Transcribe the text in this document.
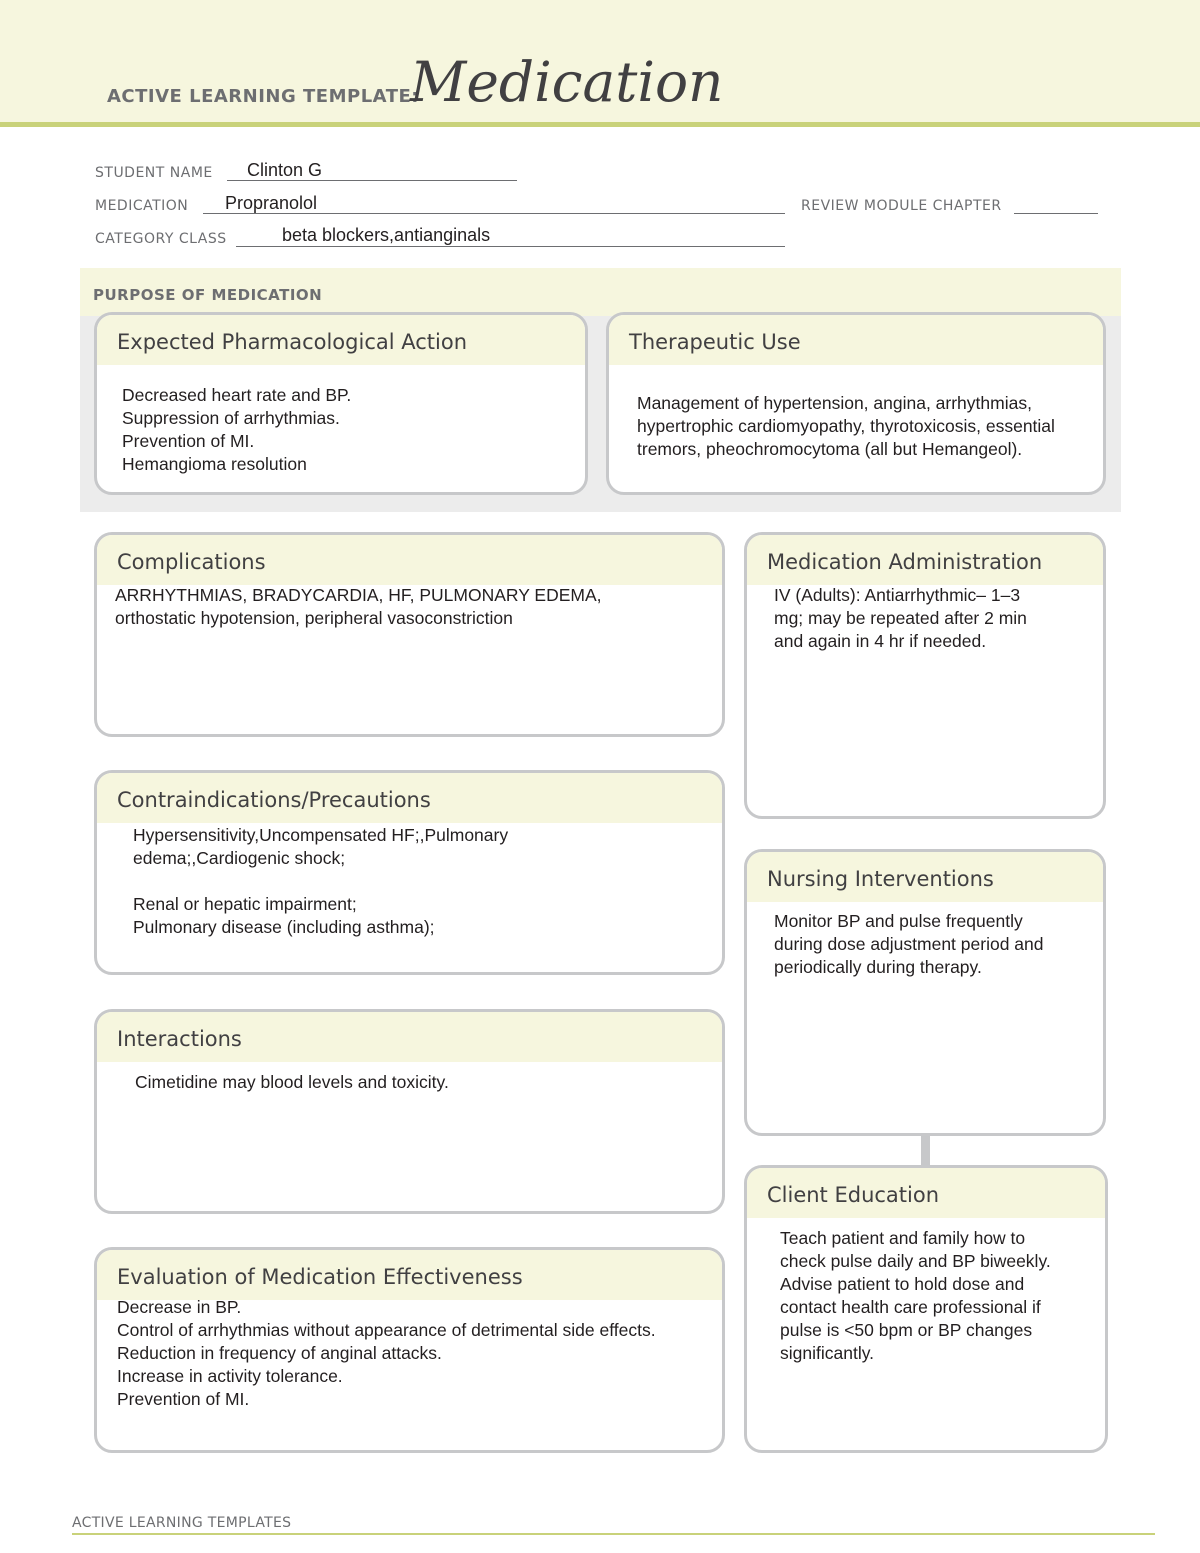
ACTIVE LEARNING TEMPLATE:
Medication
STUDENT NAME Clinton G
MEDICATION Propranolol	REVIEW MODULE CHAPTER
CATEGORY CLASS	beta blockers,antianginals
PURPOSE OF MEDICATION
Expected Pharmacological Action
Decreased heart rate and BP.
Suppression of arrhythmias.
Prevention of MI.
Hemangioma resolution
Therapeutic Use
Management of hypertension, angina, arrhythmias,
hypertrophic cardiomyopathy, thyrotoxicosis, essential
tremors, pheochromocytoma (all but Hemangeol).
Complications
ARRHYTHMIAS, BRADYCARDIA, HF, PULMONARY EDEMA,
orthostatic hypotension, peripheral vasoconstriction
Medication Administration
IV (Adults): Antiarrhythmic– 1–3
mg; may be repeated after 2 min
and again in 4 hr if needed.
Contraindications/Precautions
Hypersensitivity,Uncompensated HF;,Pulmonary
edema;,Cardiogenic shock;

Renal or hepatic impairment;
Pulmonary disease (including asthma);
Nursing Interventions
Monitor BP and pulse frequently
during dose adjustment period and
periodically during therapy.
Interactions
Cimetidine may blood levels and toxicity.
Client Education
Teach patient and family how to
check pulse daily and BP biweekly.
Advise patient to hold dose and
contact health care professional if
pulse is <50 bpm or BP changes
significantly.
Evaluation of Medication Effectiveness
Decrease in BP.
Control of arrhythmias without appearance of detrimental side effects.
Reduction in frequency of anginal attacks.
Increase in activity tolerance.
Prevention of MI.
ACTIVE LEARNING TEMPLATES
